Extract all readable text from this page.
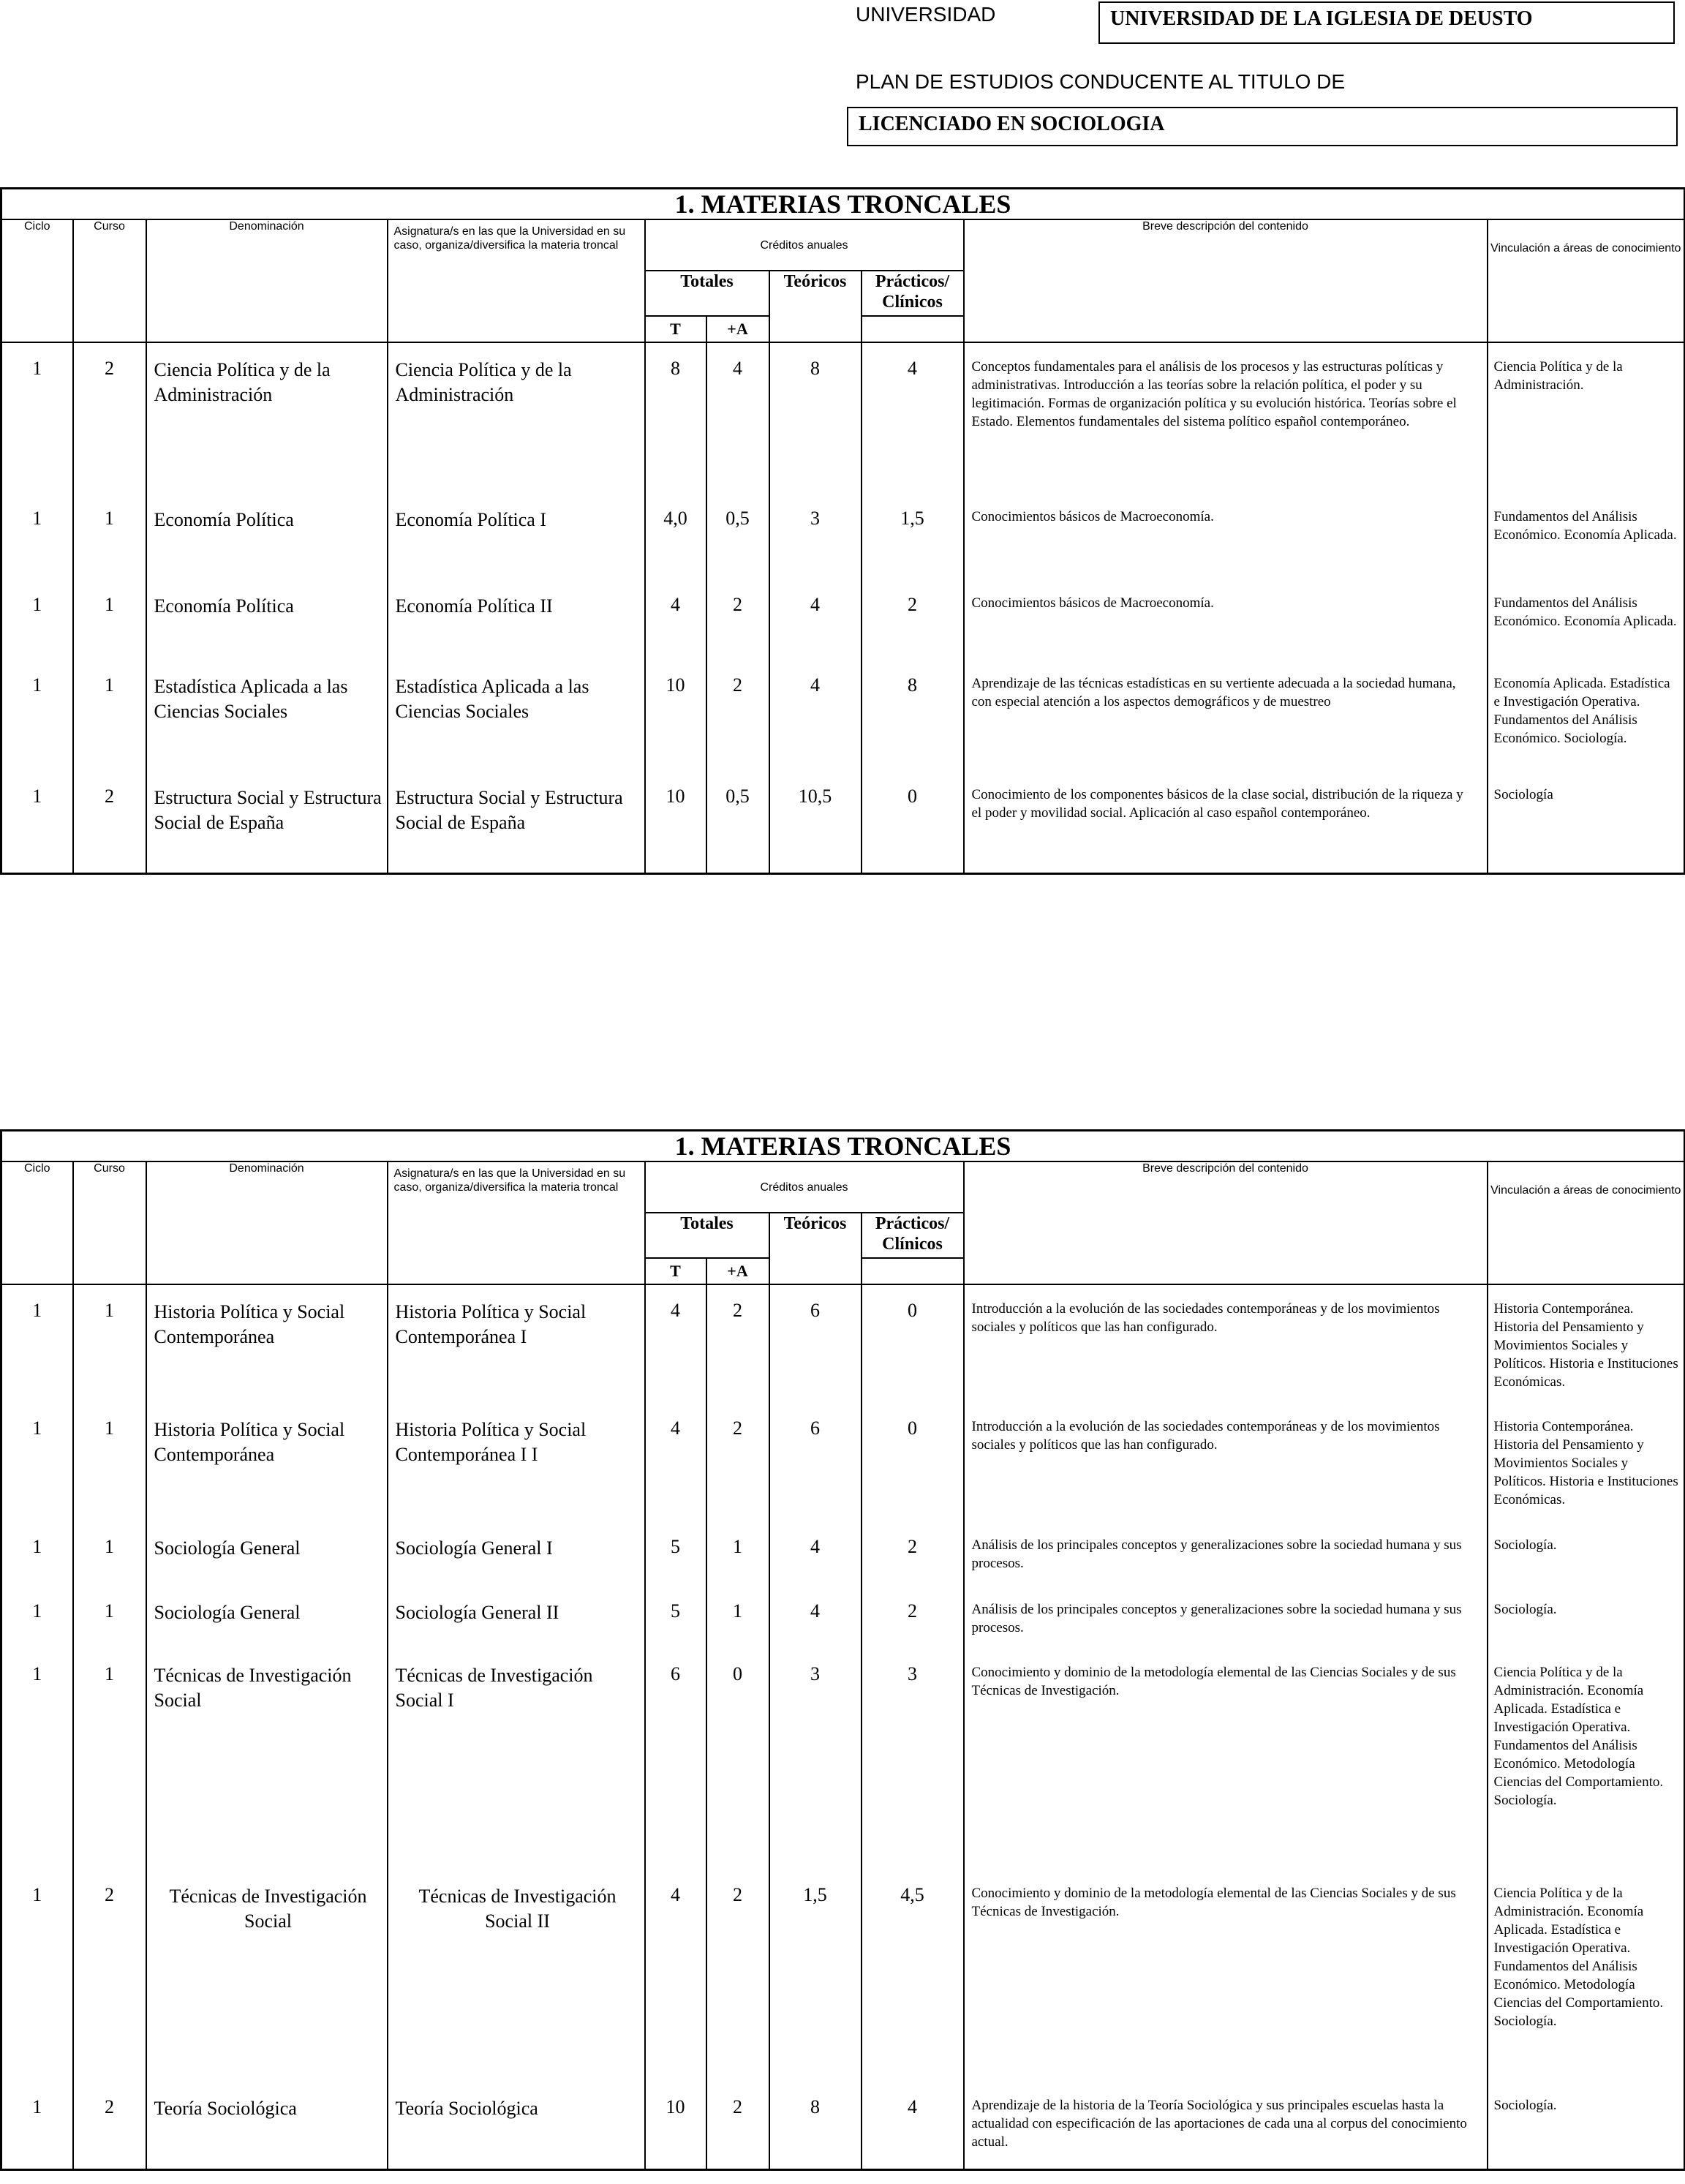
UNIVERSIDAD	UNIVERSIDAD DE LA IGLESIA DE DEUSTO
PLAN DE ESTUDIOS CONDUCENTE AL TITULO DE
LICENCIADO EN SOCIOLOGIA
1. MATERIAS TRONCALES									
Ciclo	Curso	Denominación	Asignatura/s en las que la Universidad en su caso, organiza/diversifica la materia troncal	Créditos anuales				Breve descripción del contenido	Vinculación a áreas de conocimiento
				Totales		Teóricos	Prácticos/ Clínicos		
				T	+A				
1	2	Ciencia Política y de la Administración	Ciencia Política y de la Administración	8	4	8	4	Conceptos fundamentales para el análisis de los procesos y las estructuras políticas y administrativas. Introducción a las teorías sobre la relación política, el poder y su legitimación. Formas de organización política y su evolución histórica. Teorías sobre el Estado. Elementos fundamentales del sistema político español contemporáneo.	Ciencia Política y de la Administración.
1	1	Economía Política	Economía Política I	4,0	0,5	3	1,5	Conocimientos básicos de Macroeconomía.	Fundamentos del Análisis Económico. Economía Aplicada.
1	1	Economía Política	Economía Política II	4	2	4	2	Conocimientos básicos de Macroeconomía.	Fundamentos del Análisis Económico. Economía Aplicada.
1	1	Estadística Aplicada a las Ciencias Sociales	Estadística Aplicada a las Ciencias Sociales	10	2	4	8	Aprendizaje de las técnicas estadísticas en su vertiente adecuada a la sociedad humana, con especial atención a los aspectos demográficos y de muestreo	Economía Aplicada. Estadística e Investigación Operativa. Fundamentos del Análisis Económico. Sociología.
1	2	Estructura Social y Estructura Social de España	Estructura Social y Estructura Social de España	10	0,5	10,5	0	Conocimiento de los componentes básicos de la clase social, distribución de la riqueza y el poder y movilidad social. Aplicación al caso español contemporáneo.	Sociología
1. MATERIAS TRONCALES									
Ciclo	Curso	Denominación	Asignatura/s en las que la Universidad en su caso, organiza/diversifica la materia troncal	Créditos anuales				Breve descripción del contenido	Vinculación a áreas de conocimiento
				Totales		Teóricos	Prácticos/ Clínicos		
				T	+A				
1	1	Historia Política y Social Contemporánea	Historia Política y Social Contemporánea I	4	2	6	0	Introducción a la evolución de las sociedades contemporáneas y de los movimientos sociales y políticos que las han configurado.	Historia Contemporánea. Historia del Pensamiento y Movimientos Sociales y Políticos. Historia e Instituciones Económicas.
1	1	Historia Política y Social Contemporánea	Historia Política y Social Contemporánea I I	4	2	6	0	Introducción a la evolución de las sociedades contemporáneas y de los movimientos sociales y políticos que las han configurado.	Historia Contemporánea. Historia del Pensamiento y Movimientos Sociales y Políticos. Historia e Instituciones Económicas.
1	1	Sociología General	Sociología General I	5	1	4	2	Análisis de los principales conceptos y generalizaciones sobre la sociedad humana y sus procesos.	Sociología.
1	1	Sociología General	Sociología General II	5	1	4	2	Análisis de los principales conceptos y generalizaciones sobre la sociedad humana y sus procesos.	Sociología.
1	1	Técnicas de Investigación Social	Técnicas de Investigación Social I	6	0	3	3	Conocimiento y dominio de la metodología elemental de las Ciencias Sociales y de sus Técnicas de Investigación.	Ciencia Política y de la Administración. Economía Aplicada. Estadística e Investigación Operativa. Fundamentos del Análisis Económico. Metodología Ciencias del Comportamiento. Sociología.
1	2	Técnicas de Investigación Social	Técnicas de Investigación Social II	4	2	1,5	4,5	Conocimiento y dominio de la metodología elemental de las Ciencias Sociales y de sus Técnicas de Investigación.	Ciencia Política y de la Administración. Economía Aplicada. Estadística e Investigación Operativa. Fundamentos del Análisis Económico. Metodología Ciencias del Comportamiento. Sociología.
1	2	Teoría Sociológica	Teoría Sociológica	10	2	8	4	Aprendizaje de la historia de la Teoría Sociológica y sus principales escuelas hasta la actualidad con especificación de las aportaciones de cada una al corpus del conocimiento actual.	Sociología.
